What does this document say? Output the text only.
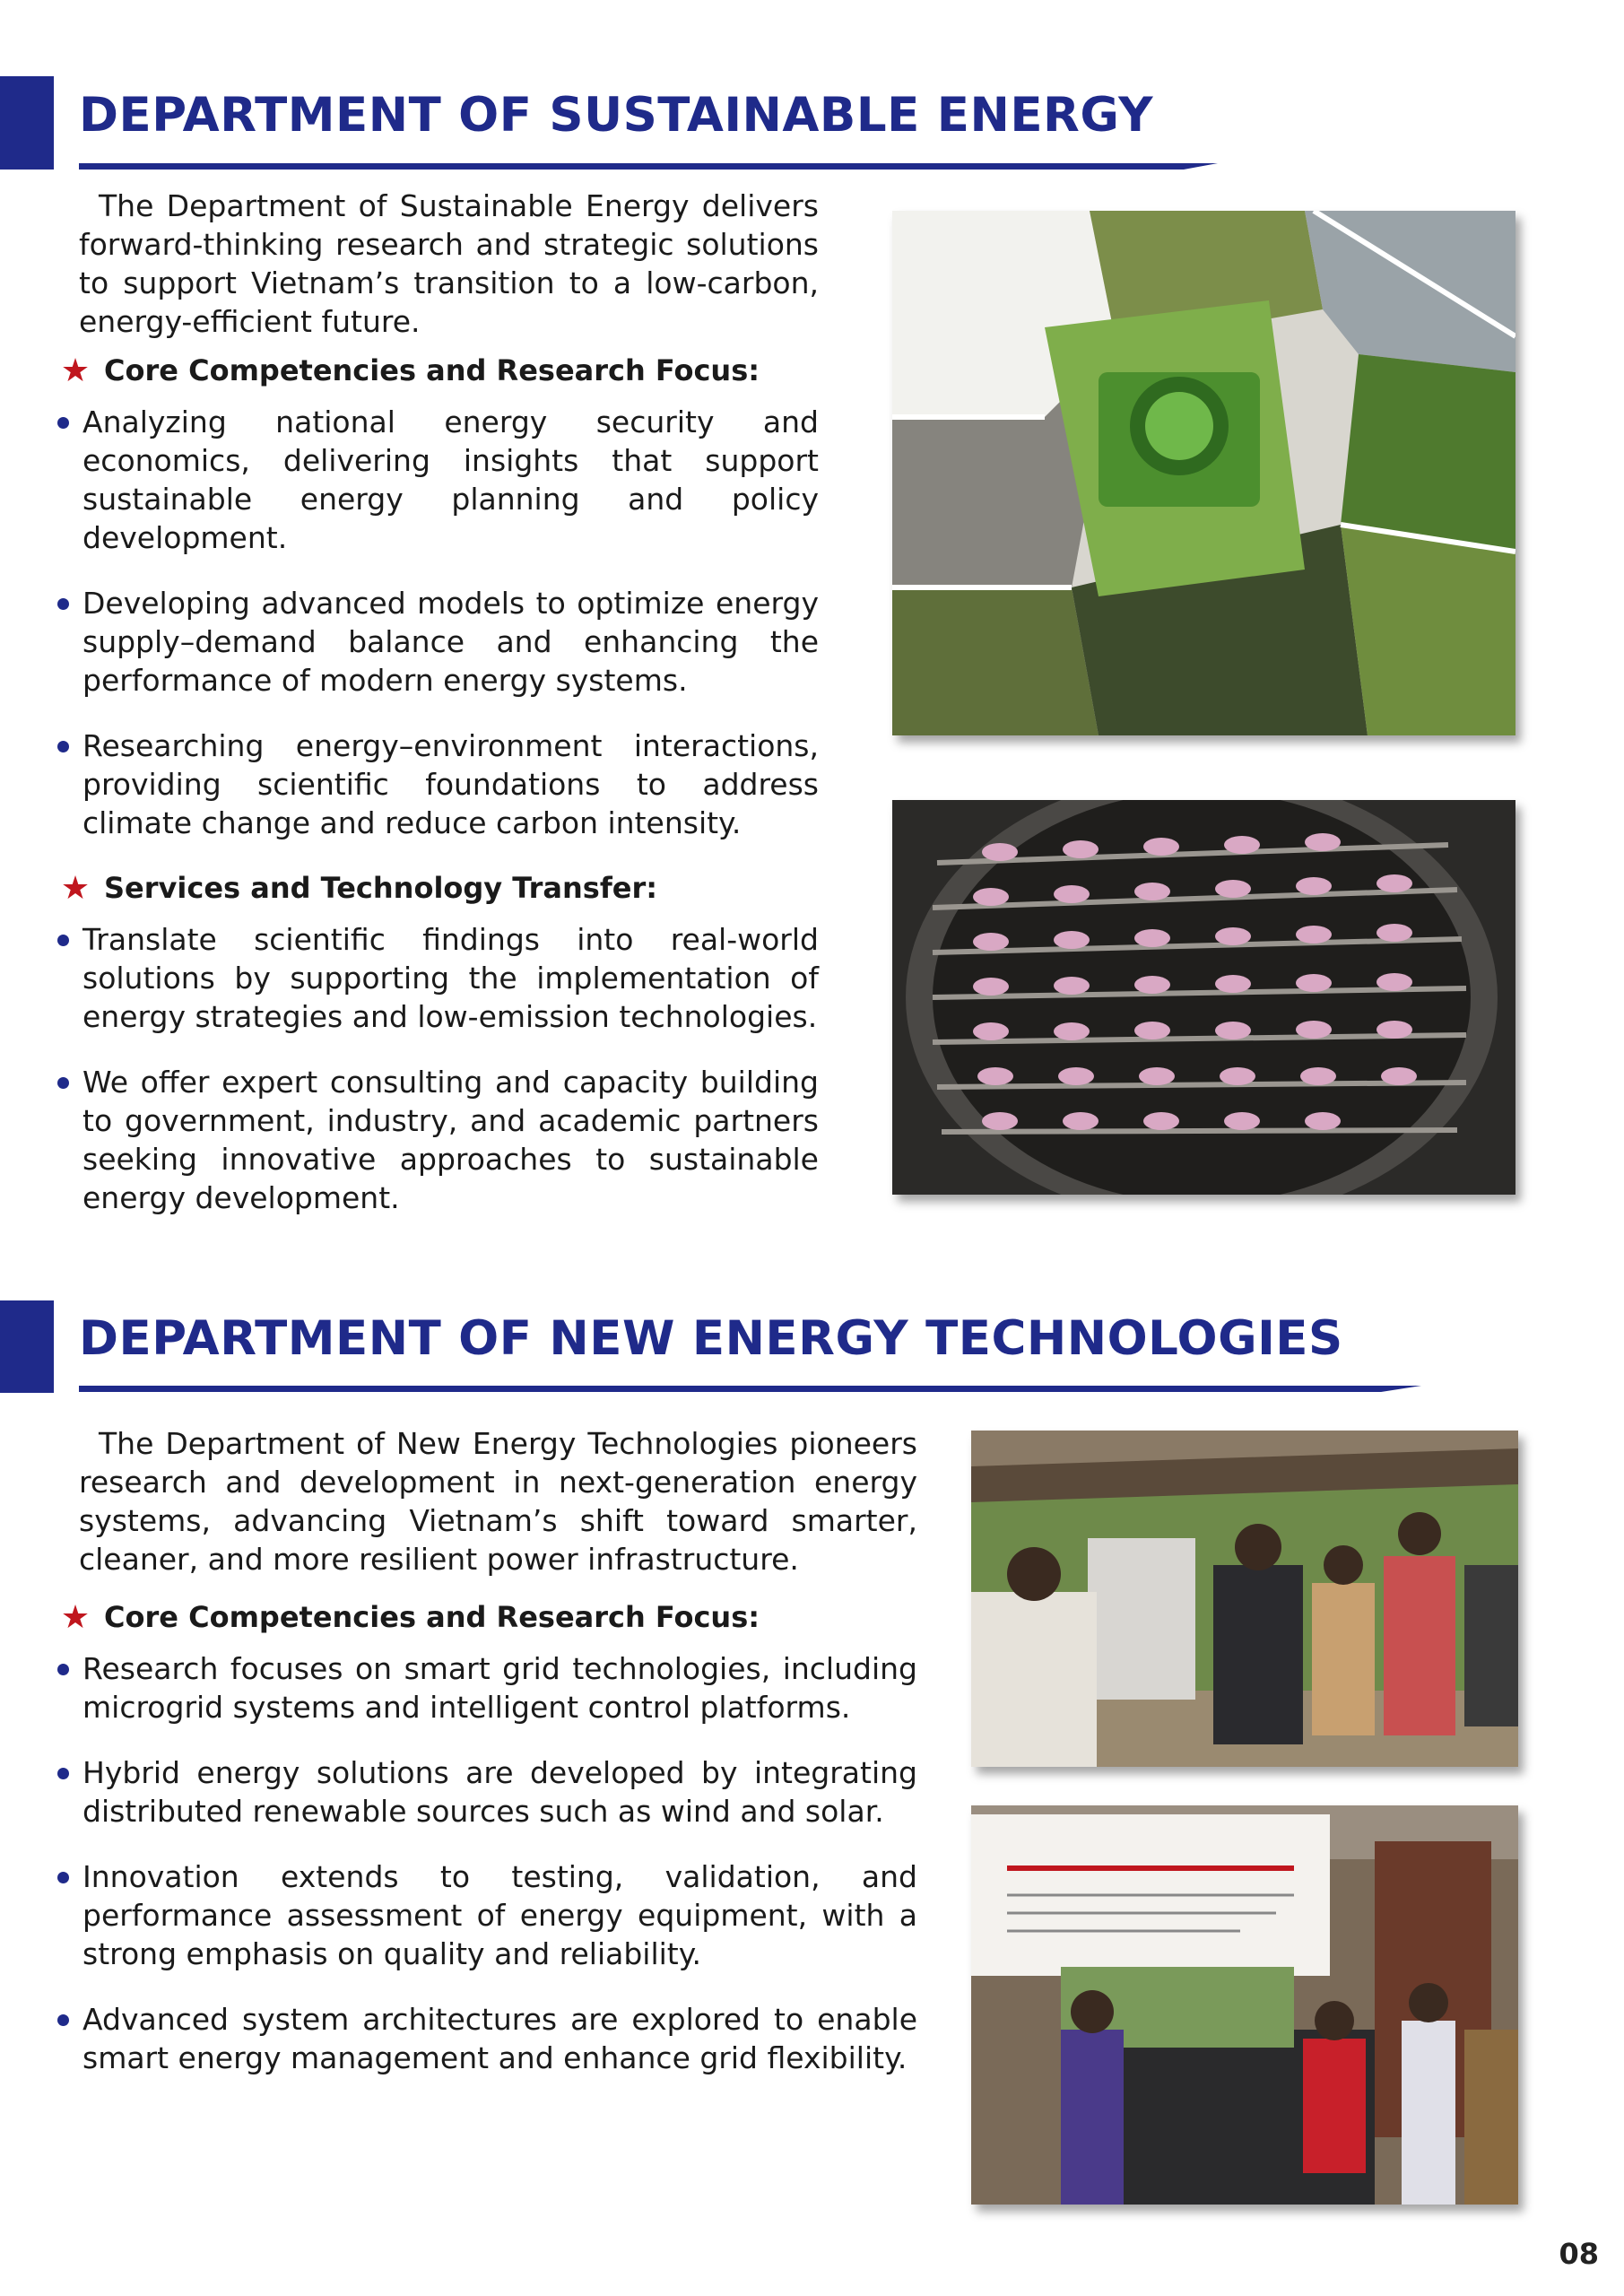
DEPARTMENT OF SUSTAINABLE ENERGY

The Department of Sustainable Energy delivers forward-thinking research and strategic solutions to support Vietnam’s transition to a low-carbon, energy-efficient future.

★ Core Competencies and Research Focus:
Analyzing national energy security and economics, delivering insights that support sustainable energy planning and policy development.
Developing advanced models to optimize energy supply–demand balance and enhancing the performance of modern energy systems.
Researching energy–environment interactions, providing scientific foundations to address climate change and reduce carbon intensity.
★ Services and Technology Transfer:
Translate scientific findings into real-world solutions by supporting the implementation of energy strategies and low-emission technologies.
We offer expert consulting and capacity building to government, industry, and academic partners seeking innovative approaches to sustainable energy development.
DEPARTMENT OF NEW ENERGY TECHNOLOGIES

The Department of New Energy Technologies pioneers research and development in next-generation energy systems, advancing Vietnam’s shift toward smarter, cleaner, and more resilient power infrastructure.

★ Core Competencies and Research Focus:
Research focuses on smart grid technologies, including microgrid systems and intelligent control platforms.
Hybrid energy solutions are developed by integrating distributed renewable sources such as wind and solar.
Innovation extends to testing, validation, and performance assessment of energy equipment, with a strong emphasis on quality and reliability.
Advanced system architectures are explored to enable smart energy management and enhance grid flexibility.
08
